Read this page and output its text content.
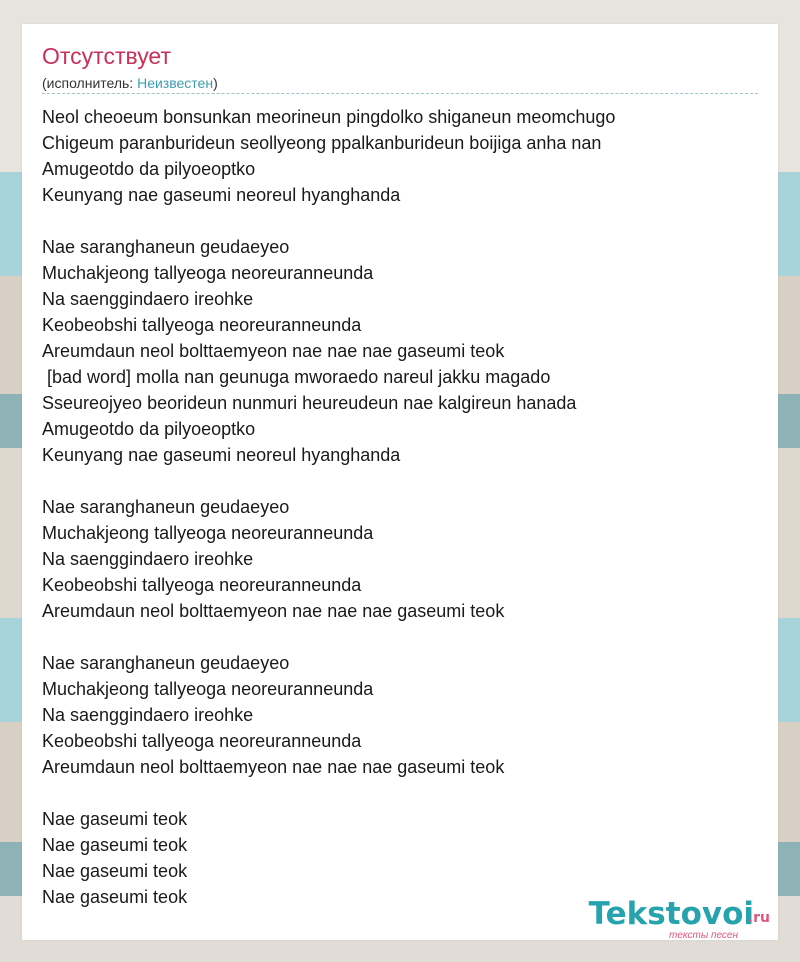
Отсутствует
(исполнитель: Неизвестен)
Neol cheoeum bonsunkan meorineun pingdolko shiganeun meomchugo
Chigeum paranburideun seollyeong ppalkanburideun boijiga anha nan
Amugeotdo da pilyoeoptko
Keunyang nae gaseumi neoreul hyanghanda
Nae saranghaneun geudaeyeo
Muchakjeong tallyeoga neoreuranneunda
Na saenggindaero ireohke
Keobeobshi tallyeoga neoreuranneunda
Areumdaun neol bolttaemyeon nae nae nae gaseumi teok
[bad word] molla nan geunuga mworaedo nareul jakku magado
Sseureojyeo beorideun nunmuri heureudeun nae kalgireun hanada
Amugeotdo da pilyoeoptko
Keunyang nae gaseumi neoreul hyanghanda
Nae saranghaneun geudaeyeo
Muchakjeong tallyeoga neoreuranneunda
Na saenggindaero ireohke
Keobeobshi tallyeoga neoreuranneunda
Areumdaun neol bolttaemyeon nae nae nae gaseumi teok
Nae saranghaneun geudaeyeo
Muchakjeong tallyeoga neoreuranneunda
Na saenggindaero ireohke
Keobeobshi tallyeoga neoreuranneunda
Areumdaun neol bolttaemyeon nae nae nae gaseumi teok
Nae gaseumi teok
Nae gaseumi teok
Nae gaseumi teok
Nae gaseumi teok	Tekstovoi
.ru
тексты песен
